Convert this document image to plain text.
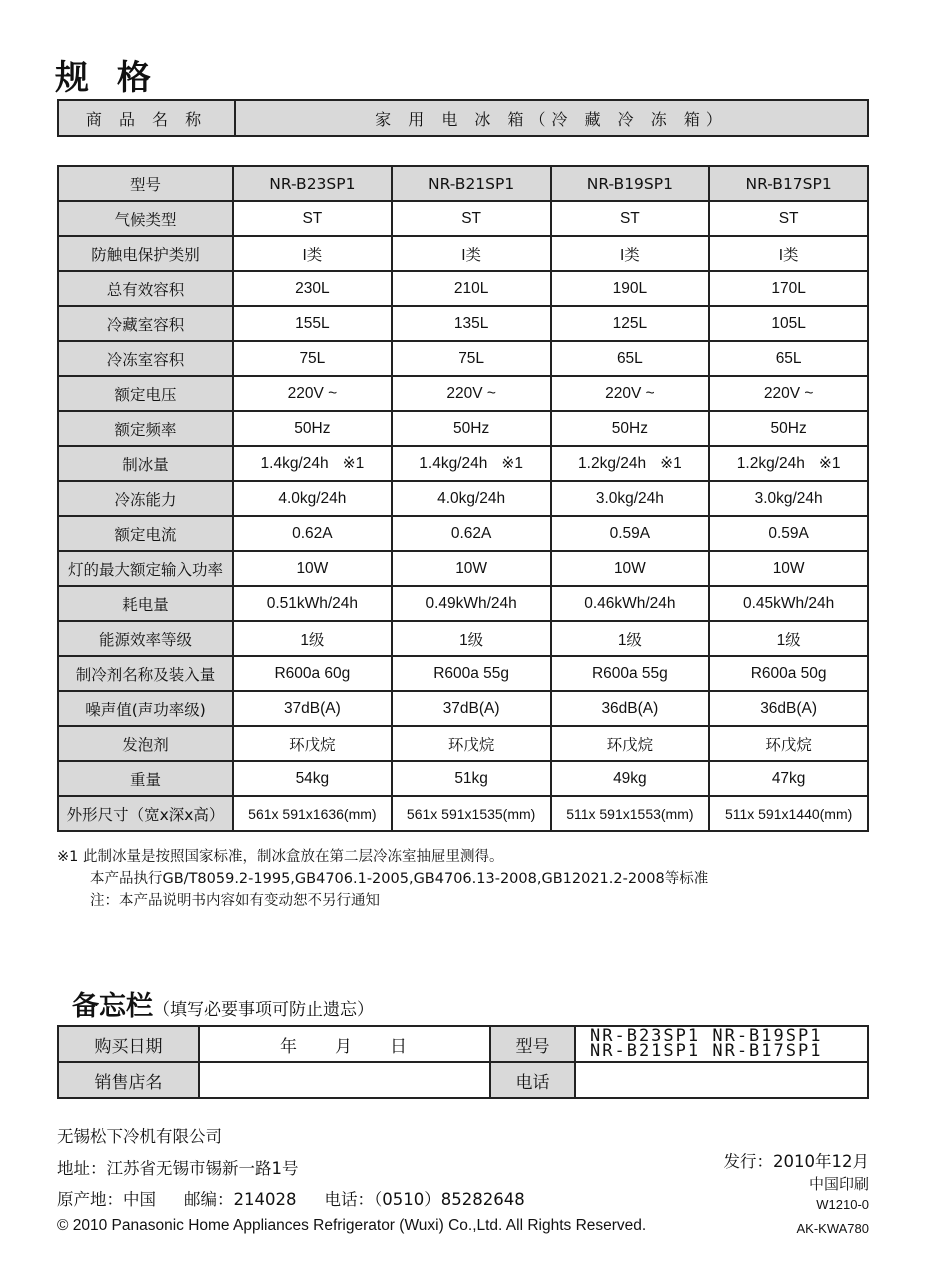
规 格
商 品 名 称	家 用 电 冰 箱（冷 藏 冷 冻 箱）
型号	NR-B23SP1	NR-B21SP1	NR-B19SP1	NR-B17SP1
气候类型	ST	ST	ST	ST
防触电保护类别	I类	I类	I类	I类
总有效容积	230L	210L	190L	170L
冷藏室容积	155L	135L	125L	105L
冷冻室容积	75L	75L	65L	65L
额定电压	220V ~	220V ~	220V ~	220V ~
额定频率	50Hz	50Hz	50Hz	50Hz
制冰量	1.4kg/24h ※1	1.4kg/24h ※1	1.2kg/24h ※1	1.2kg/24h ※1
冷冻能力	4.0kg/24h	4.0kg/24h	3.0kg/24h	3.0kg/24h
额定电流	0.62A	0.62A	0.59A	0.59A
灯的最大额定输入功率	10W	10W	10W	10W
耗电量	0.51kWh/24h	0.49kWh/24h	0.46kWh/24h	0.45kWh/24h
能源效率等级	1级	1级	1级	1级
制冷剂名称及装入量	R600a 60g	R600a 55g	R600a 55g	R600a 50g
噪声值(声功率级)	37dB(A)	37dB(A)	36dB(A)	36dB(A)
发泡剂	环戊烷	环戊烷	环戊烷	环戊烷
重量	54kg	51kg	49kg	47kg
外形尺寸（宽x深x高）	561x 591x1636(mm)	561x 591x1535(mm)	511x 591x1553(mm)	511x 591x1440(mm)
※1 此制冰量是按照国家标准，制冰盒放在第二层冷冻室抽屉里测得。
本产品执行GB/T8059.2-1995,GB4706.1-2005,GB4706.13-2008,GB12021.2-2008等标准
注：本产品说明书内容如有变动恕不另行通知
备忘栏（填写必要事项可防止遗忘）
购买日期	年 月 日	型号	NR-B23SP1 NR-B19SP1
NR-B21SP1 NR-B17SP1

销售店名		电话	
无锡松下冷机有限公司
地址：江苏省无锡市锡新一路1号
原产地：中国 邮编：214028 电话：（0510）85282648
© 2010 Panasonic Home Appliances Refrigerator (Wuxi) Co.,Ltd. All Rights Reserved.
发行：2010年12月
中国印刷
W1210-0
AK-KWA780
